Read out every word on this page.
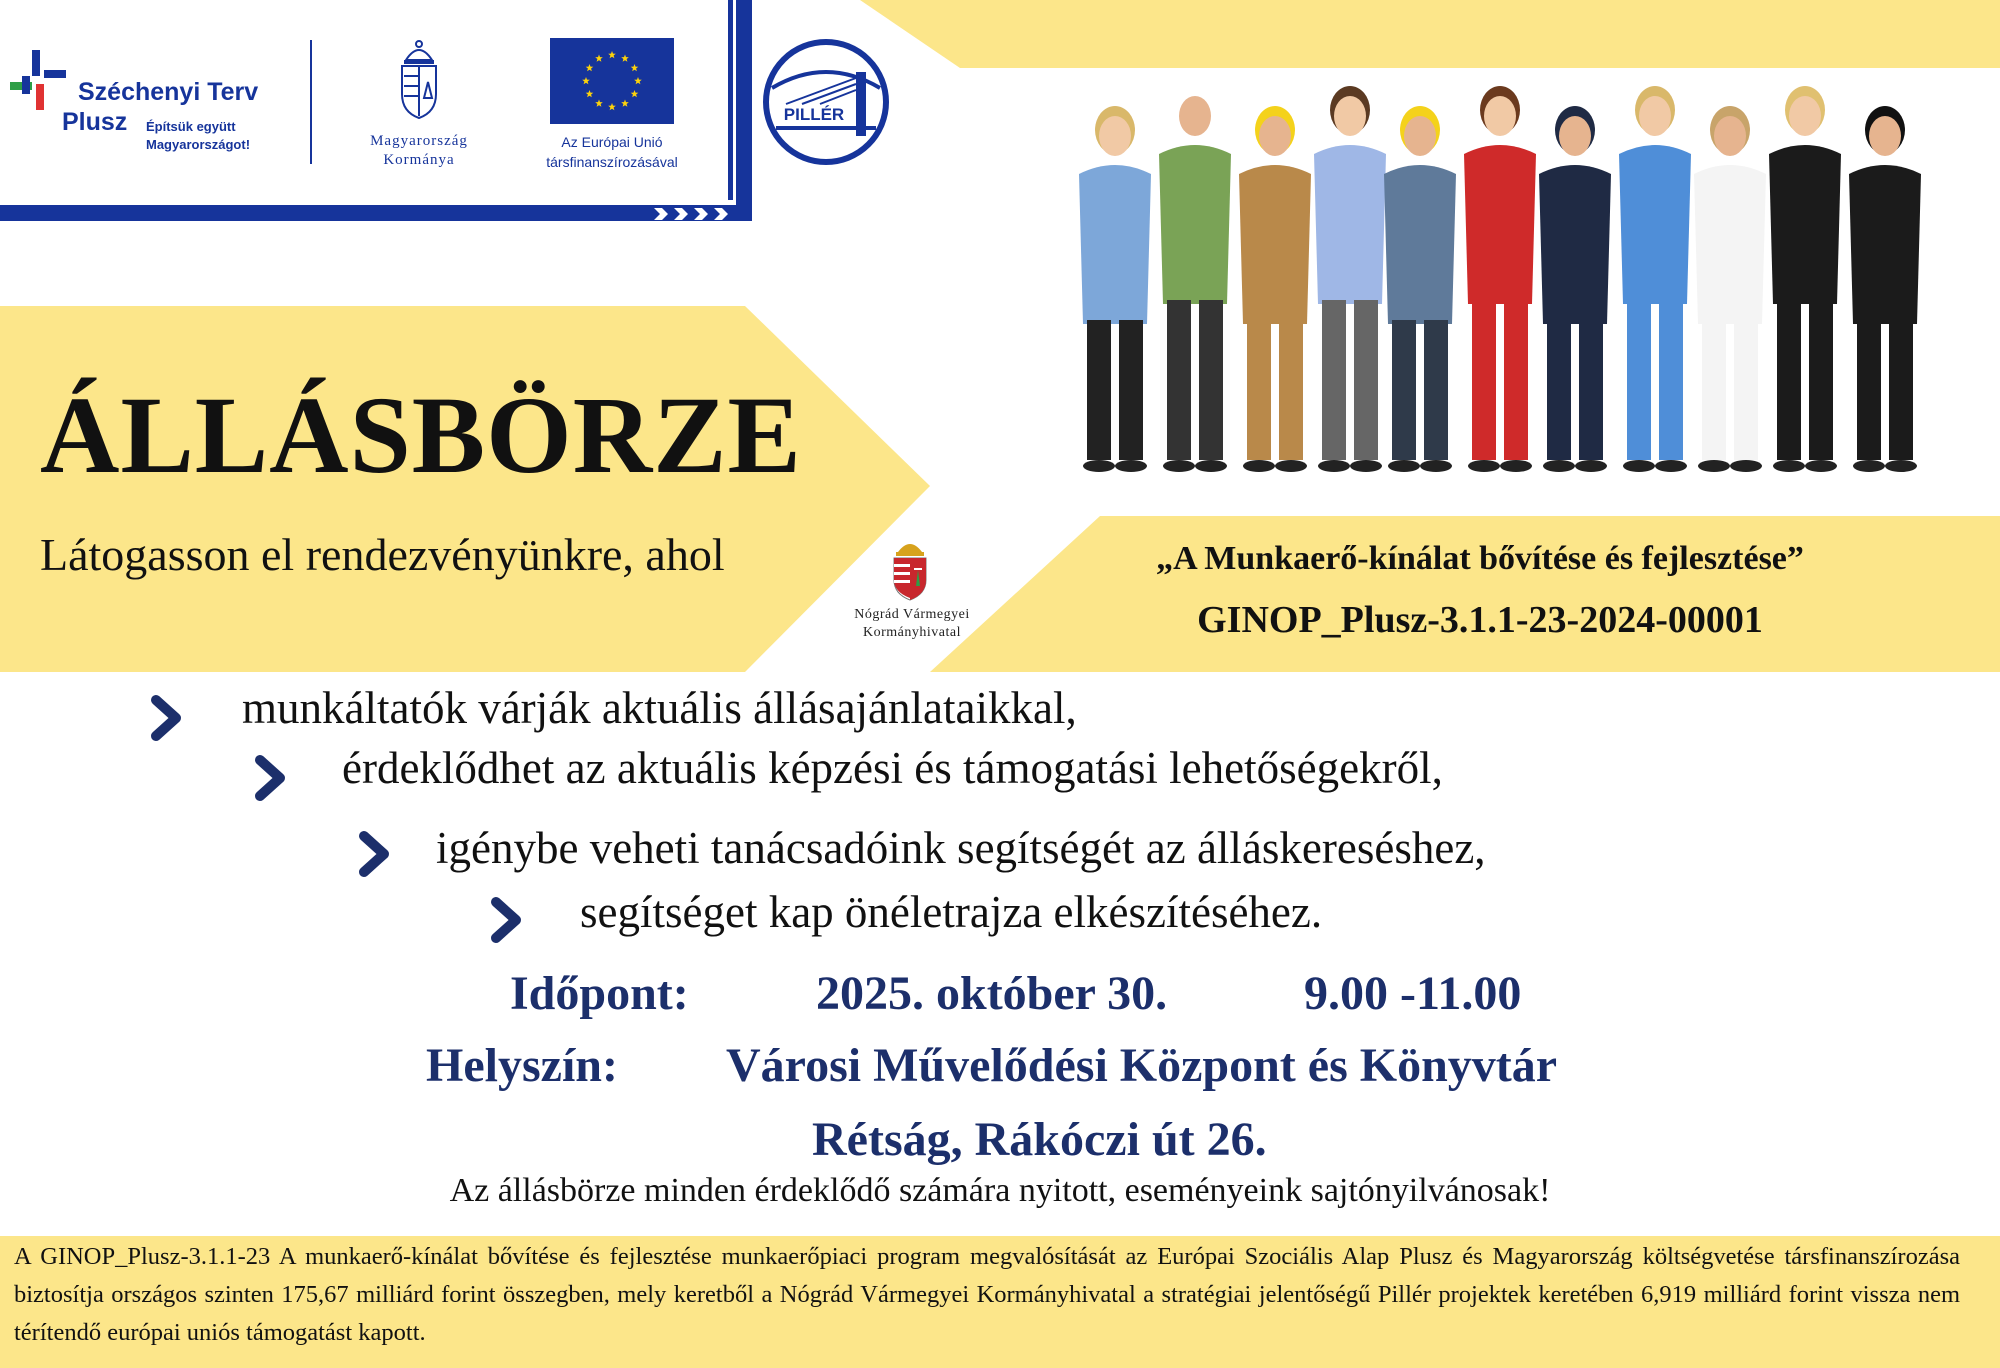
Széchenyi Terv
Plusz Építsük együtt
Magyarországot!	Magyarország
Kormánya
Az Európai Unió
társfinanszírozásával
PILLÉR
ÁLLÁSBÖRZE
Látogasson el rendezvényünkre, ahol
Nógrád Vármegyei
Kormányhivatal
„A Munkaerő-kínálat bővítése és fejlesztése”
GINOP_Plusz-3.1.1-23-2024-00001
munkáltatók várják aktuális állásajánlataikkal,
érdeklődhet az aktuális képzési és támogatási lehetőségekről,
igénybe veheti tanácsadóink segítségét az álláskereséshez,
segítséget kap önéletrajza elkészítéséhez.
Időpont:	2025. október 30.	9.00 -11.00
Helyszín: Városi Művelődési Központ és Könyvtár
Rétság, Rákóczi út 26.
Az állásbörze minden érdeklődő számára nyitott, eseményeink sajtónyilvánosak!
A GINOP_Plusz-3.1.1-23 A munkaerő-kínálat bővítése és fejlesztése munkaerőpiaci program megvalósítását az Európai Szociális Alap Plusz és Magyarország költségvetése társfinanszírozása biztosítja országos szinten 175,67 milliárd forint összegben, mely keretből a Nógrád Vármegyei Kormányhivatal a stratégiai jelentőségű Pillér projektek keretében 6,919 milliárd forint vissza nem térítendő európai uniós támogatást kapott.
